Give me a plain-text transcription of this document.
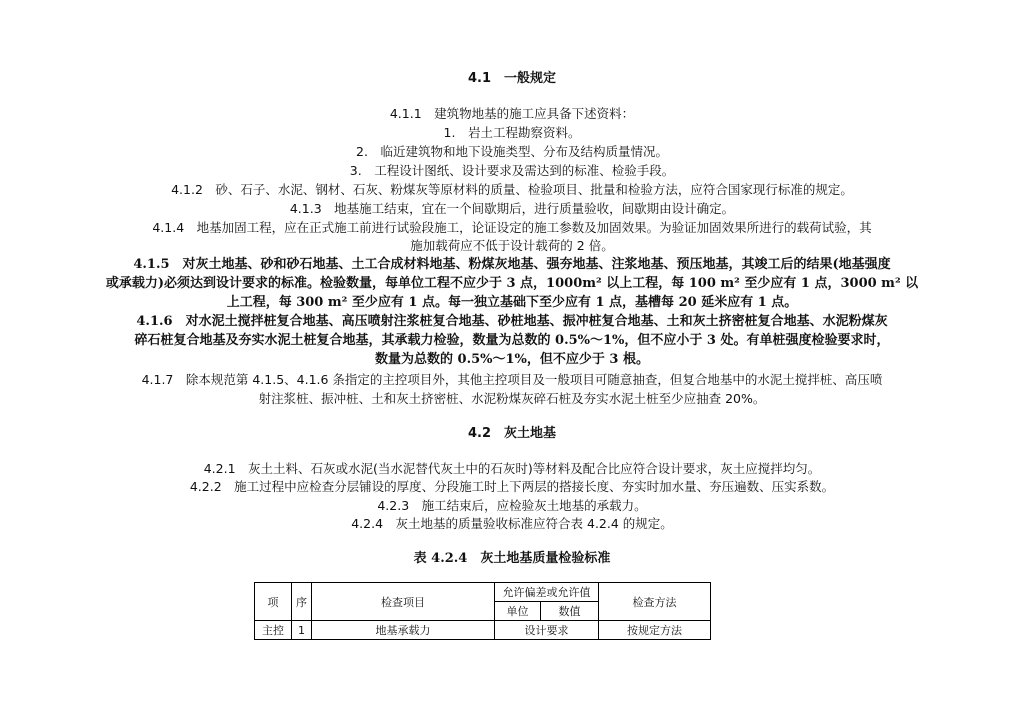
4.1　一般规定
4.1.1　建筑物地基的施工应具备下述资料：
1.　岩土工程勘察资料。
2.　临近建筑物和地下设施类型、分布及结构质量情况。
3.　工程设计图纸、设计要求及需达到的标准、检验手段。
4.1.2　砂、石子、水泥、钢材、石灰、粉煤灰等原材料的质量、检验项目、批量和检验方法，应符合国家现行标准的规定。
4.1.3　地基施工结束，宜在一个间歇期后，进行质量验收，间歇期由设计确定。
4.1.4　地基加固工程，应在正式施工前进行试验段施工，论证设定的施工参数及加固效果。为验证加固效果所进行的载荷试验，其
施加载荷应不低于设计载荷的 2 倍。
4.1.5　对灰土地基、砂和砂石地基、土工合成材料地基、粉煤灰地基、强夯地基、注浆地基、预压地基，其竣工后的结果(地基强度
或承载力)必须达到设计要求的标准。检验数量，每单位工程不应少于 3 点，1000m² 以上工程，每 100 m² 至少应有 1 点，3000 m² 以
上工程，每 300 m² 至少应有 1 点。每一独立基础下至少应有 1 点，基槽每 20 延米应有 1 点。
4.1.6　对水泥土搅拌桩复合地基、高压喷射注浆桩复合地基、砂桩地基、振冲桩复合地基、土和灰土挤密桩复合地基、水泥粉煤灰
碎石桩复合地基及夯实水泥土桩复合地基，其承载力检验，数量为总数的 0.5%～1%，但不应小于 3 处。有单桩强度检验要求时，
数量为总数的 0.5%～1%，但不应少于 3 根。
4.1.7　除本规范第 4.1.5、4.1.6 条指定的主控项目外，其他主控项目及一般项目可随意抽查，但复合地基中的水泥土搅拌桩、高压喷
射注浆桩、振冲桩、土和灰土挤密桩、水泥粉煤灰碎石桩及夯实水泥土桩至少应抽查 20%。
4.2　灰土地基
4.2.1　灰土土料、石灰或水泥(当水泥替代灰土中的石灰时)等材料及配合比应符合设计要求，灰土应搅拌均匀。
4.2.2　施工过程中应检查分层铺设的厚度、分段施工时上下两层的搭接长度、夯实时加水量、夯压遍数、压实系数。
4.2.3　施工结束后，应检验灰土地基的承载力。
4.2.4　灰土地基的质量验收标准应符合表 4.2.4 的规定。
表 4.2.4　灰土地基质量检验标准
项	序	检查项目	允许偏差或允许值		检查方法
			单位	数值	
主控	1	地基承载力	设计要求		按规定方法
